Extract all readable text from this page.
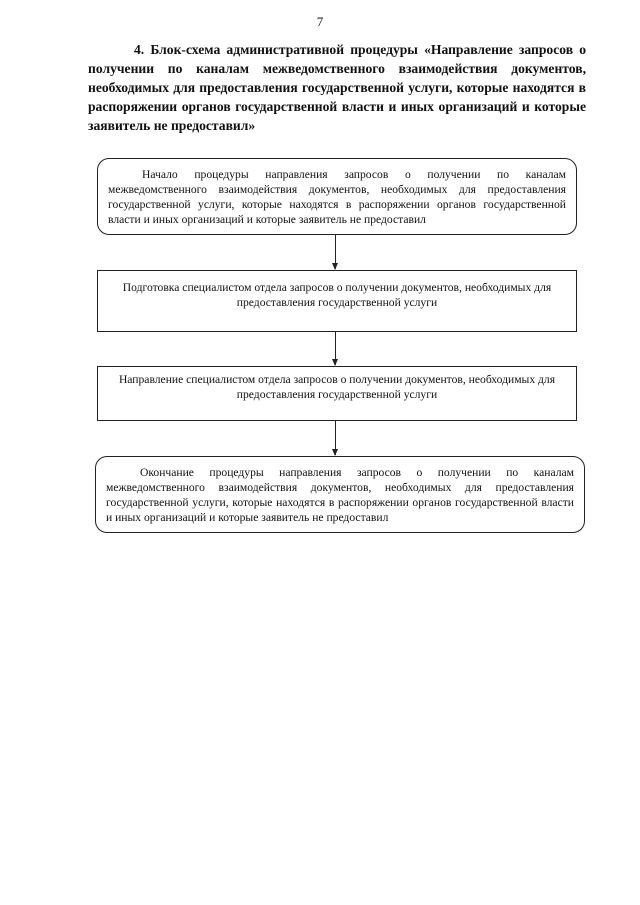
7
4. Блок-схема административной процедуры «Направление запросов о получении по каналам межведомственного взаимодействия документов, необходимых для предоставления государственной услуги, которые находятся в распоряжении органов государственной власти и иных организаций и которые заявитель не предоставил»
Начало процедуры направления запросов о получении по каналам межведомственного взаимодействия документов, необходимых для предоставления государственной услуги, которые находятся в распоряжении органов государственной власти и иных организаций и которые заявитель не предоставил
Подготовка специалистом отдела запросов о получении документов, необходимых для предоставления государственной услуги
Направление специалистом отдела запросов о получении документов, необходимых для предоставления государственной услуги
Окончание процедуры направления запросов о получении по каналам межведомственного взаимодействия документов, необходимых для предоставления государственной услуги, которые находятся в распоряжении органов государственной власти и иных организаций и которые заявитель не предоставил
